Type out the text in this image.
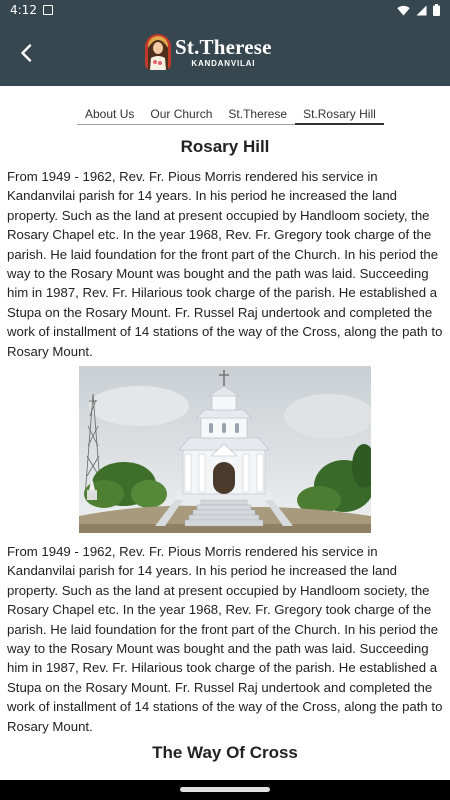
4:12
St.Therese
KANDANVILAI
About Us	Our Church	St.Therese	St.Rosary Hill
Rosary Hill

From 1949 - 1962, Rev. Fr. Pious Morris rendered his service in Kandanvilai parish for 14 years. In his period he increased the land property. Such as the land at present occupied by Handloom society, the Rosary Chapel etc. In the year 1968, Rev. Fr. Gregory took charge of the parish. He laid foundation for the front part of the Church. In his period the way to the Rosary Mount was bought and the path was laid. Succeeding him in 1987, Rev. Fr. Hilarious took charge of the parish. He established a Stupa on the Rosary Mount. Fr. Russel Raj undertook and completed the work of installment of 14 stations of the way of the Cross, along the path to Rosary Mount.

From 1949 - 1962, Rev. Fr. Pious Morris rendered his service in Kandanvilai parish for 14 years. In his period he increased the land property. Such as the land at present occupied by Handloom society, the Rosary Chapel etc. In the year 1968, Rev. Fr. Gregory took charge of the parish. He laid foundation for the front part of the Church. In his period the way to the Rosary Mount was bought and the path was laid. Succeeding him in 1987, Rev. Fr. Hilarious took charge of the parish. He established a Stupa on the Rosary Mount. Fr. Russel Raj undertook and completed the work of installment of 14 stations of the way of the Cross, along the path to Rosary Mount.

The Way Of Cross
